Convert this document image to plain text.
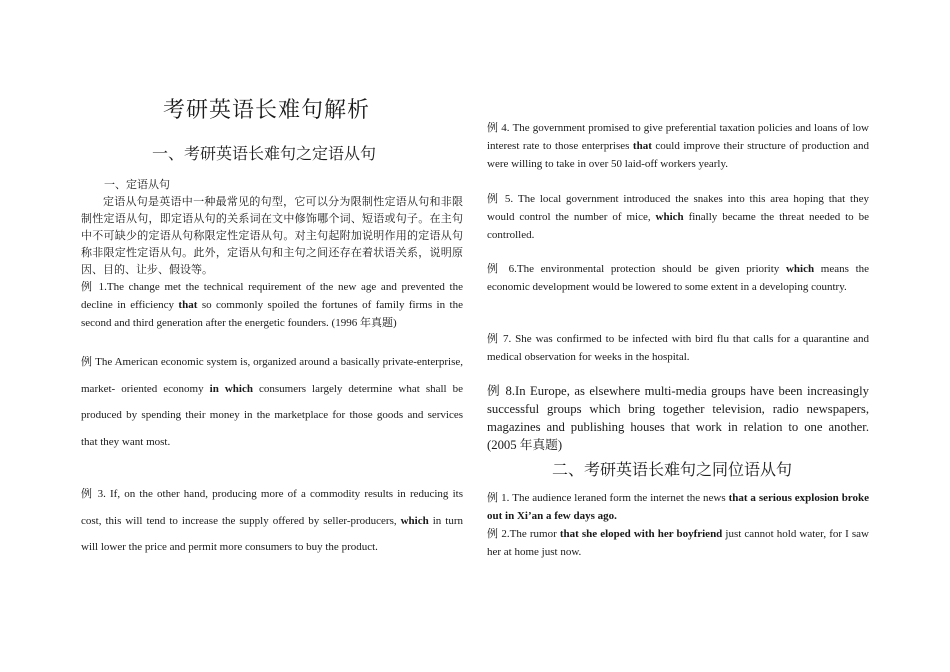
考研英语长难句解析
一、考研英语长难句之定语从句
一、定语从句
定语从句是英语中一种最常见的句型，它可以分为限制性定语从句和非限制性定语从句，即定语从句的关系词在文中修饰哪个词、短语或句子。在主句中不可缺少的定语从句称限定性定语从句。对主句起附加说明作用的定语从句称非限定性定语从句。此外，定语从句和主句之间还存在着状语关系，说明原因、目的、让步、假设等。
例 1.The change met the technical requirement of the new age and prevented the decline in efficiency that so commonly spoiled the fortunes of family firms in the second and third generation after the energetic founders. (1996 年真题)
例 The American economic system is, organized around a basically private-enterprise, market- oriented economy in which consumers largely determine what shall be produced by spending their money in the marketplace for those goods and services that they want most.
例 3. If, on the other hand, producing more of a commodity results in reducing its cost, this will tend to increase the supply offered by seller-producers, which in turn will lower the price and permit more consumers to buy the product.
例 4. The government promised to give preferential taxation policies and loans of low interest rate to those enterprises that could improve their structure of production and were willing to take in over 50 laid-off workers yearly.
例 5. The local government introduced the snakes into this area hoping that they would control the number of mice, which finally became the threat needed to be controlled.
例 6.The environmental protection should be given priority which means the economic development would be lowered to some extent in a developing country.
例 7. She was confirmed to be infected with bird flu that calls for a quarantine and medical observation for weeks in the hospital.
例 8.In Europe, as elsewhere multi-media groups have been increasingly successful groups which bring together television, radio newspapers, magazines and publishing houses that work in relation to one another.(2005 年真题)
二、考研英语长难句之同位语从句
例 1. The audience leraned form the internet the news that a serious explosion broke out in Xi’an a few days ago.
例 2.The rumor that she eloped with her boyfriend just cannot hold water, for I saw her at home just now.
